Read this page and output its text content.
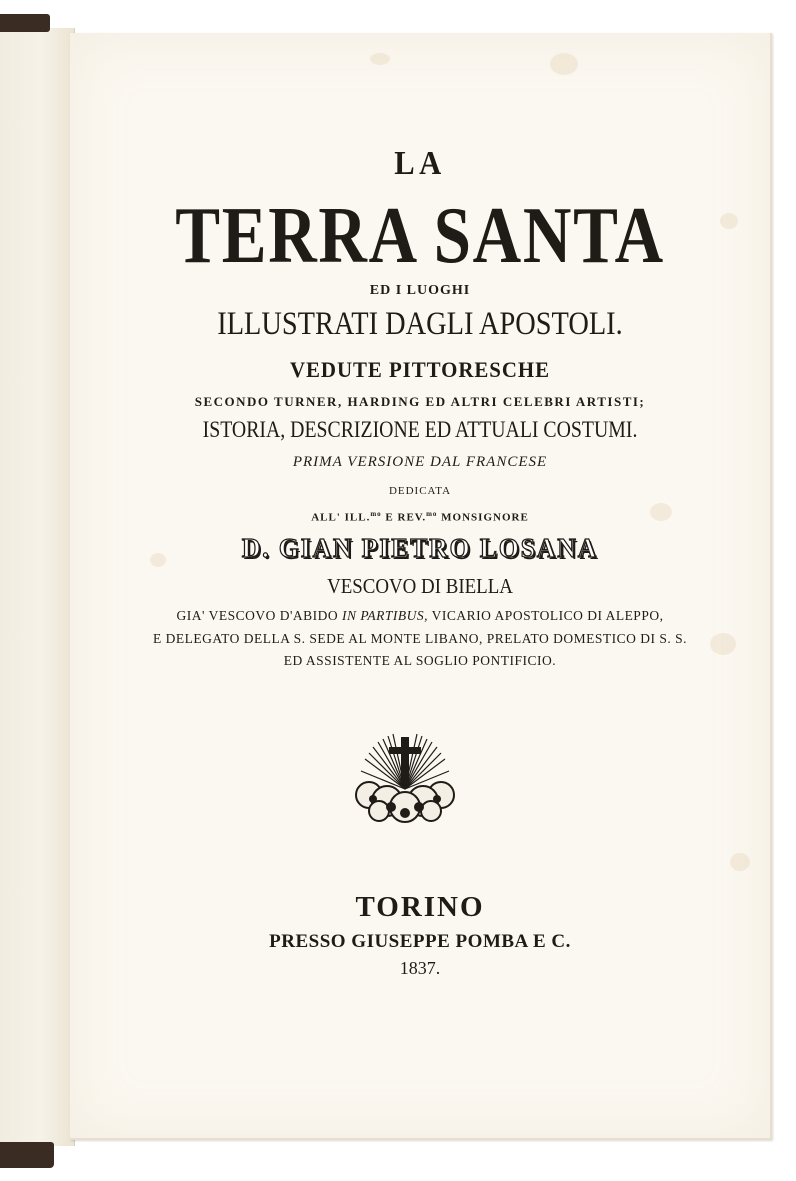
LA
TERRA SANTA
ED I LUOGHI
ILLUSTRATI DAGLI APOSTOLI.
VEDUTE PITTORESCHE
SECONDO TURNER, HARDING ED ALTRI CELEBRI ARTISTI;
ISTORIA, DESCRIZIONE ED ATTUALI COSTUMI.
PRIMA VERSIONE DAL FRANCESE
DEDICATA
ALL' ILL.$^{mo}$ E REV.$^{mo}$ MONSIGNORE
D. GIAN PIETRO LOSANA
VESCOVO DI BIELLA
GIA' VESCOVO D'ABIDO IN PARTIBUS, VICARIO APOSTOLICO DI ALEPPO,
E DELEGATO DELLA S. SEDE AL MONTE LIBANO, PRELATO DOMESTICO DI S. S.
ED ASSISTENTE AL SOGLIO PONTIFICIO.
TORINO
PRESSO GIUSEPPE POMBA E C.
1837.
